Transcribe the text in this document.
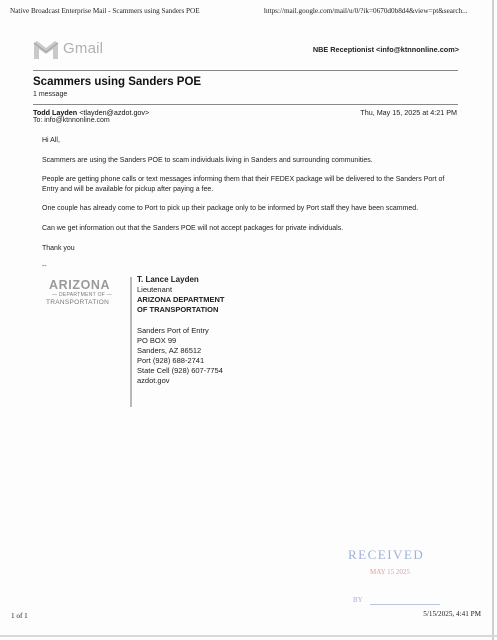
Native Broadcast Enterprise Mail - Scammers using Sanders POE	https://mail.google.com/mail/u/0/?ik=0670d0b8d4&view=pt&search...
Gmail	NBE Receptionist <info@ktnnonline.com>
Scammers using Sanders POE
1 message
Todd Layden <tlayden@azdot.gov>
To: info@ktnnonline.com
Thu, May 15, 2025 at 4:21 PM

Hi All,

Scammers are using the Sanders POE to scam individuals living in Sanders and surrounding communities.

People are getting phone calls or text messages informing them that their FEDEX package will be delivered to the Sanders Port of Entry and will be available for pickup after paying a fee.

One couple has already come to Port to pick up their package only to be informed by Port staff they have been scammed.

Can we get information out that the Sanders POE will not accept packages for private individuals.

Thank you

--
ARIZONA
— DEPARTMENT OF —
TRANSPORTATION
T. Lance Layden
Lieutenant
ARIZONA DEPARTMENT
OF TRANSPORTATION
Sanders Port of Entry
PO BOX 99
Sanders, AZ 86512
Port (928) 688-2741
State Cell (928) 607-7754
azdot.gov
RECEIVED
MAY 15 2025
BY
1 of 1	5/15/2025, 4:41 PM
